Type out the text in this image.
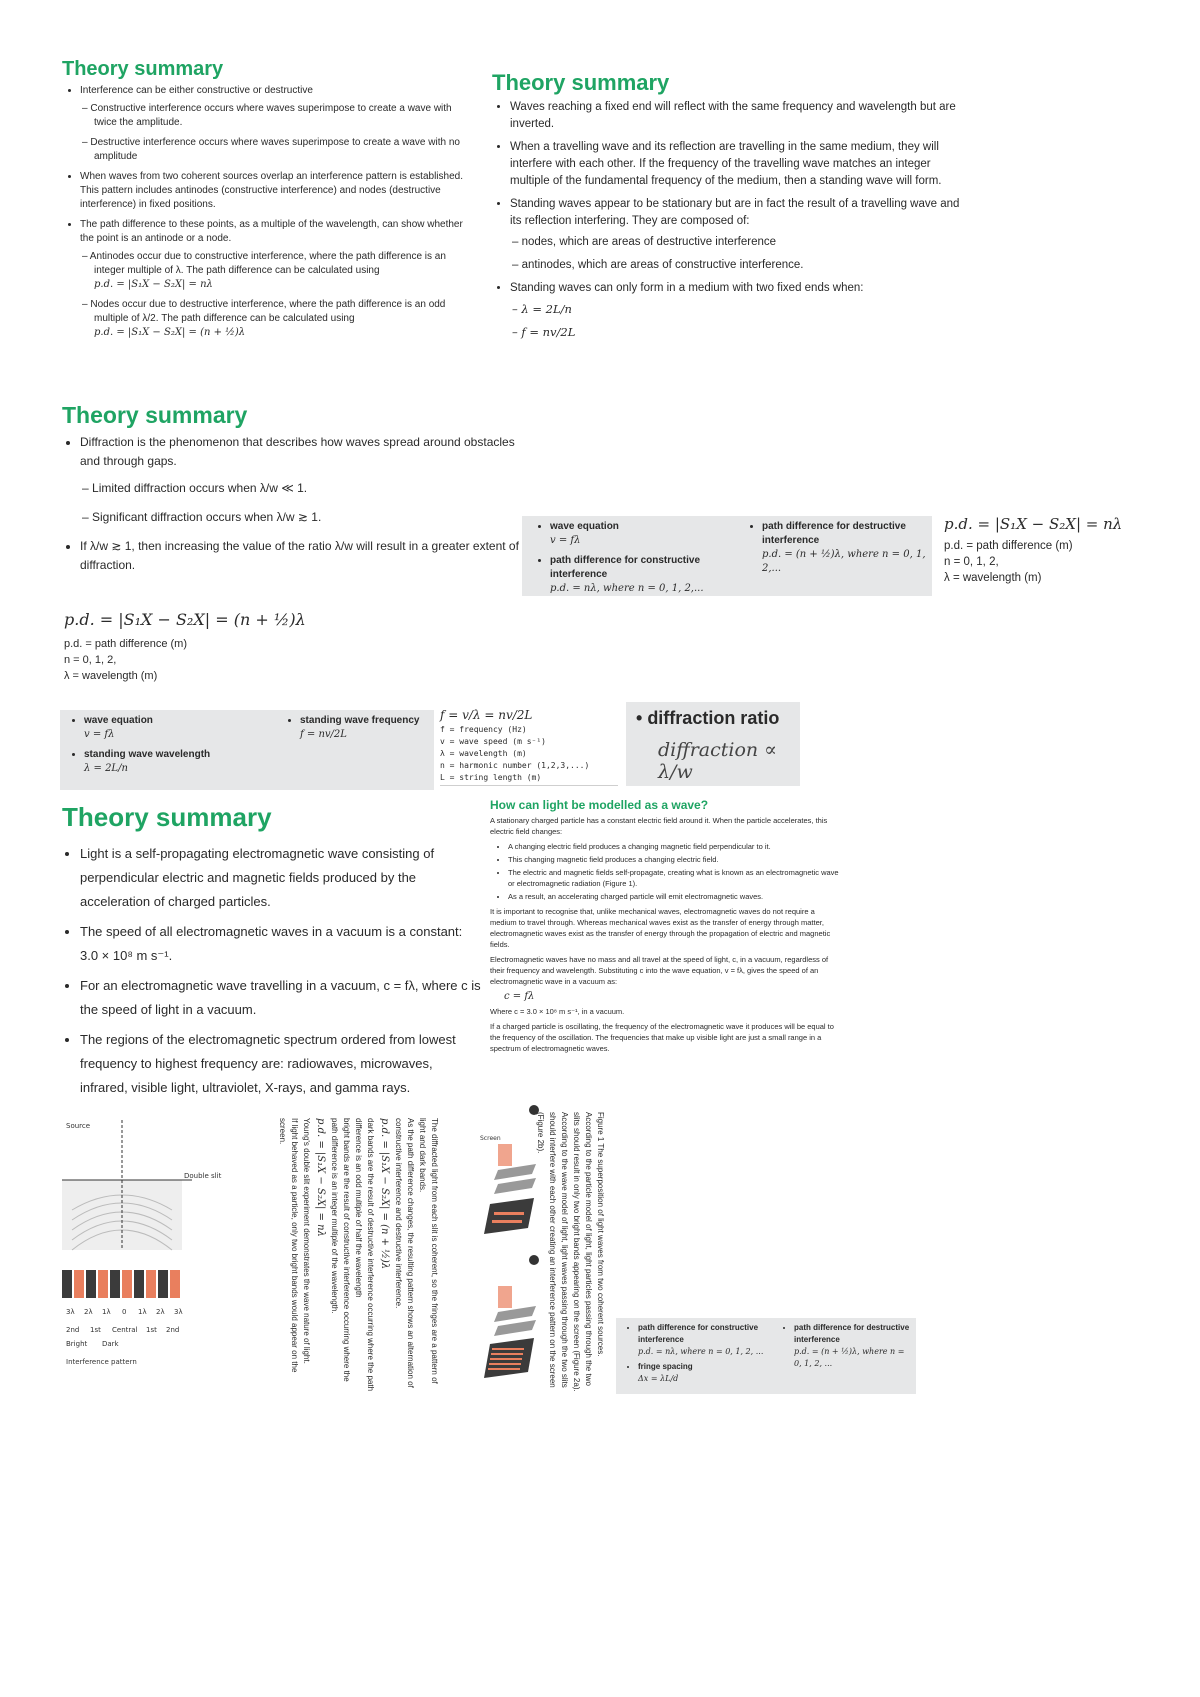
Theory summary
• Interference can be either constructive or destructive
– Constructive interference occurs where waves superimpose to create a wave with twice the amplitude.
– Destructive interference occurs where waves superimpose to create a wave with no amplitude
• When waves from two coherent sources overlap an interference pattern is established. This pattern includes antinodes (constructive interference) and nodes (destructive interference) in fixed positions.
• The path difference to these points, as a multiple of the wavelength, can show whether the point is an antinode or a node.
– Antinodes occur due to constructive interference, where the path difference is an integer multiple of λ. The path difference can be calculated using
p.d. = |S₁X − S₂X| = nλ
– Nodes occur due to destructive interference, where the path difference is an odd multiple of λ/2. The path difference can be calculated using
p.d. = |S₁X − S₂X| = (n + ½)λ
Theory summary
• Waves reaching a fixed end will reflect with the same frequency and wavelength but are inverted.
• When a travelling wave and its reflection are travelling in the same medium, they will interfere with each other. If the frequency of the travelling wave matches an integer multiple of the fundamental frequency of the medium, then a standing wave will form.
• Standing waves appear to be stationary but are in fact the result of a travelling wave and its reflection interfering. They are composed of:
– nodes, which are areas of destructive interference
– antinodes, which are areas of constructive interference.
• Standing waves can only form in a medium with two fixed ends when:
– λ = 2L/n
– f = nv/2L
Theory summary
• Diffraction is the phenomenon that describes how waves spread around obstacles and through gaps.
– Limited diffraction occurs when λ/w ≪ 1.
– Significant diffraction occurs when λ/w ≳ 1.
• If λ/w ≳ 1, then increasing the value of the ratio λ/w will result in a greater extent of diffraction.
p.d. = |S₁X − S₂X| = (n + ½)λ
p.d. = path difference (m)
n = 0, 1, 2,
λ = wavelength (m)
• wave equation
v = fλ
• path difference for constructive interference
p.d. = nλ, where n = 0, 1, 2,...
• path difference for destructive interference
p.d. = (n + ½)λ, where n = 0, 1, 2,...
p.d. = |S₁X − S₂X| = nλ
p.d. = path difference (m)
n = 0, 1, 2,
λ = wavelength (m)
• wave equation
v = fλ
• standing wave wavelength
λ = 2L/n
• standing wave frequency
f = nv/2L
f = v/λ = nv/2L
f = frequency (Hz)
v = wave speed (m s⁻¹)
λ = wavelength (m)
n = harmonic number (1,2,3,...)
L = string length (m)
• diffraction ratio
diffraction ∝ λ/w
Theory summary
• Light is a self-propagating electromagnetic wave consisting of perpendicular electric and magnetic fields produced by the acceleration of charged particles.
• The speed of all electromagnetic waves in a vacuum is a constant: 3.0 × 10⁸ m s⁻¹.
• For an electromagnetic wave travelling in a vacuum, c = fλ, where c is the speed of light in a vacuum.
• The regions of the electromagnetic spectrum ordered from lowest frequency to highest frequency are: radiowaves, microwaves, infrared, visible light, ultraviolet, X-rays, and gamma rays.
How can light be modelled as a wave?

A stationary charged particle has a constant electric field around it. When the particle accelerates, this electric field changes:

• A changing electric field produces a changing magnetic field perpendicular to it.
• This changing magnetic field produces a changing electric field.
• The electric and magnetic fields self-propagate, creating what is known as an electromagnetic wave or electromagnetic radiation (Figure 1).
• As a result, an accelerating charged particle will emit electromagnetic waves.

It is important to recognise that, unlike mechanical waves, electromagnetic waves do not require a medium to travel through. Whereas mechanical waves exist as the transfer of energy through matter, electromagnetic waves exist as the transfer of energy through the propagation of electric and magnetic fields.

Electromagnetic waves have no mass and all travel at the speed of light, c, in a vacuum, regardless of their frequency and wavelength. Substituting c into the wave equation, v = fλ, gives the speed of an electromagnetic wave in a vacuum as:

c = fλ

Where c = 3.0 × 10⁸ m s⁻¹, in a vacuum.

If a charged particle is oscillating, the frequency of the electromagnetic wave it produces will be equal to the frequency of the oscillation. The frequencies that make up visible light are just a small range in a spectrum of electromagnetic waves.

3λ 2λ 1λ 0 1λ 2λ 3λ
Double slit
2nd 1st Central 1st 2nd
Bright Dark
Interference pattern
Source	The diffracted light from each slit is coherent, so the fringes are a pattern of light and dark bands.
As the path difference changes, the resulting pattern shows an alternation of constructive interference and destructive interference.
p.d. = |S₁X − S₂X| = (n + ½)λ
dark bands are the result of destructive interference occurring where the path difference is an odd multiple of half the wavelength
bright bands are the result of constructive interference occurring where the path difference is an integer multiple of the wavelength.
p.d. = |S₁X − S₂X| = nλ
Young's double slit experiment demonstrates the wave nature of light.
If light behaved as a particle, only two bright bands would appear on the screen.	Screen	Figure 1 The superposition of light waves from two coherent sources.
According to the particle model of light, light particles passing through the two slits should result in only two bright bands appearing on the screen (Figure 2a).
According to the wave model of light, light waves passing through the two slits should interfere with each other creating an interference pattern on the screen (Figure 2b).
• path difference for constructive interference
p.d. = nλ, where n = 0, 1, 2, ...
• fringe spacing
Δx = λL/d
• path difference for destructive interference
p.d. = (n + ½)λ, where n = 0, 1, 2, ...
